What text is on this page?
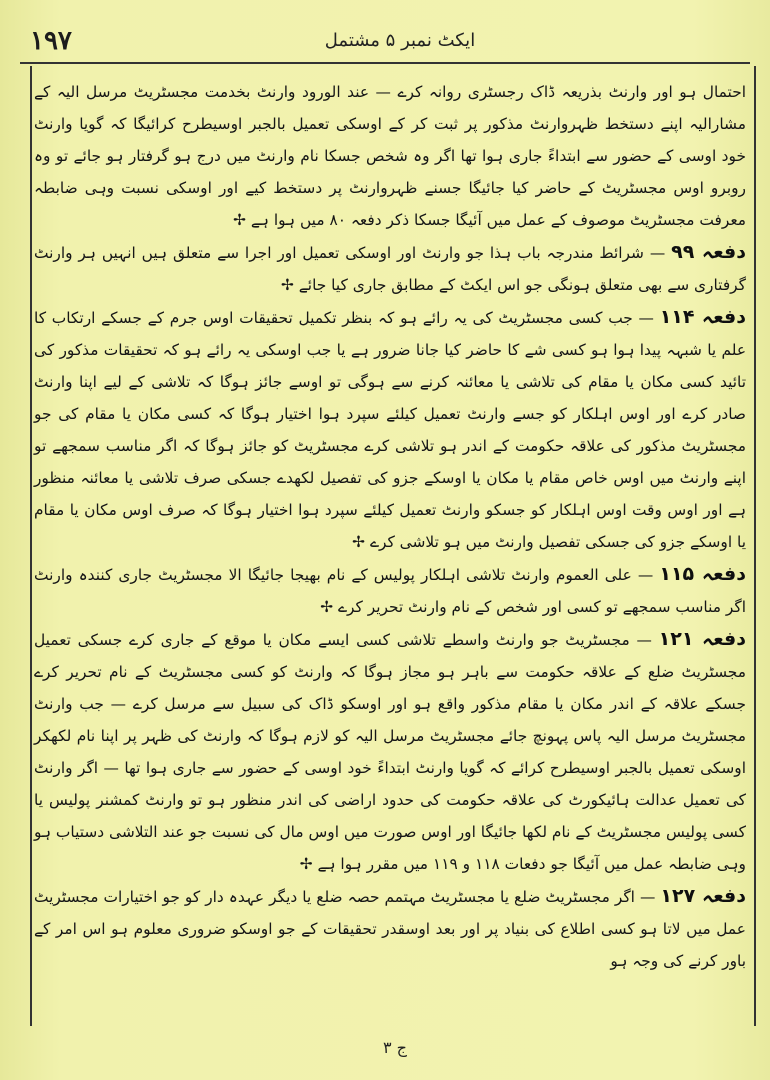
١٩٧	ایکٹ نمبر ۵ مشتمل

احتمال ہو اور وارنٹ بذریعہ ڈاک رجسٹری روانہ کرے — عند الورود وارنٹ بخدمت مجسٹریٹ مرسل الیہ کے مشارالیہ اپنے دستخط ظہروارنٹ مذکور پر ثبت کر کے اوسکی تعمیل بالجبر اوسیطرح کرائیگا کہ گویا وارنٹ خود اوسی کے حضور سے ابتداءً جاری ہوا تھا اگر وہ شخص جسکا نام وارنٹ میں درج ہو گرفتار ہو جائے تو وہ روبرو اوس مجسٹریٹ کے حاضر کیا جائیگا جسنے ظہروارنٹ پر دستخط کیے اور اوسکی نسبت وہی ضابطہ معرفت مجسٹریٹ موصوف کے عمل میں آئیگا جسکا ذکر دفعہ ۸۰ میں ہوا ہے ✢

دفعہ ۹۹ — شرائط مندرجہ باب ہذا جو وارنٹ اور اوسکی تعمیل اور اجرا سے متعلق ہیں انہیں ہر وارنٹ گرفتاری سے بھی متعلق ہونگی جو اس ایکٹ کے مطابق جاری کیا جائے ✢

دفعہ ۱۱۴ — جب کسی مجسٹریٹ کی یہ رائے ہو کہ بنظر تکمیل تحقیقات اوس جرم کے جسکے ارتکاب کا علم یا شبہہ پیدا ہوا ہو کسی شے کا حاضر کیا جانا ضرور ہے یا جب اوسکی یہ رائے ہو کہ تحقیقات مذکور کی تائید کسی مکان یا مقام کی تلاشی یا معائنہ کرنے سے ہوگی تو اوسے جائز ہوگا کہ تلاشی کے لیے اپنا وارنٹ صادر کرے اور اوس اہلکار کو جسے وارنٹ تعمیل کیلئے سپرد ہوا اختیار ہوگا کہ کسی مکان یا مقام کی جو مجسٹریٹ مذکور کی علاقہ حکومت کے اندر ہو تلاشی کرے مجسٹریٹ کو جائز ہوگا کہ اگر مناسب سمجھے تو اپنے وارنٹ میں اوس خاص مقام یا مکان یا اوسکے جزو کی تفصیل لکھدے جسکی صرف تلاشی یا معائنہ منظور ہے اور اوس وقت اوس اہلکار کو جسکو وارنٹ تعمیل کیلئے سپرد ہوا اختیار ہوگا کہ صرف اوس مکان یا مقام یا اوسکے جزو کی جسکی تفصیل وارنٹ میں ہو تلاشی کرے ✢

دفعہ ۱۱۵ — علی العموم وارنٹ تلاشی اہلکار پولیس کے نام بھیجا جائیگا الا مجسٹریٹ جاری کنندہ وارنٹ اگر مناسب سمجھے تو کسی اور شخص کے نام وارنٹ تحریر کرے ✢

دفعہ ۱۲۱ — مجسٹریٹ جو وارنٹ واسطے تلاشی کسی ایسے مکان یا موقع کے جاری کرے جسکی تعمیل مجسٹریٹ ضلع کے علاقہ حکومت سے باہر ہو مجاز ہوگا کہ وارنٹ کو کسی مجسٹریٹ کے نام تحریر کرے جسکے علاقہ کے اندر مکان یا مقام مذکور واقع ہو اور اوسکو ڈاک کی سبیل سے مرسل کرے — جب وارنٹ مجسٹریٹ مرسل الیہ پاس پہونچ جائے مجسٹریٹ مرسل الیہ کو لازم ہوگا کہ وارنٹ کی ظہر پر اپنا نام لکھکر اوسکی تعمیل بالجبر اوسیطرح کرائے کہ گویا وارنٹ ابتداءً خود اوسی کے حضور سے جاری ہوا تھا — اگر وارنٹ کی تعمیل عدالت ہائیکورٹ کی علاقہ حکومت کی حدود اراضی کی اندر منظور ہو تو وارنٹ کمشنر پولیس یا کسی پولیس مجسٹریٹ کے نام لکھا جائیگا اور اوس صورت میں اوس مال کی نسبت جو عند التلاشی دستیاب ہو وہی ضابطہ عمل میں آئیگا جو دفعات ۱۱۸ و ۱۱۹ میں مقرر ہوا ہے ✢

دفعہ ۱۲۷ — اگر مجسٹریٹ ضلع یا مجسٹریٹ مہتمم حصہ ضلع یا دیگر عہدہ دار کو جو اختیارات مجسٹریٹ عمل میں لاتا ہو کسی اطلاع کی بنیاد پر اور بعد اوسقدر تحقیقات کے جو اوسکو ضروری معلوم ہو اس امر کے باور کرنے کی وجہ ہو

ج ۳
